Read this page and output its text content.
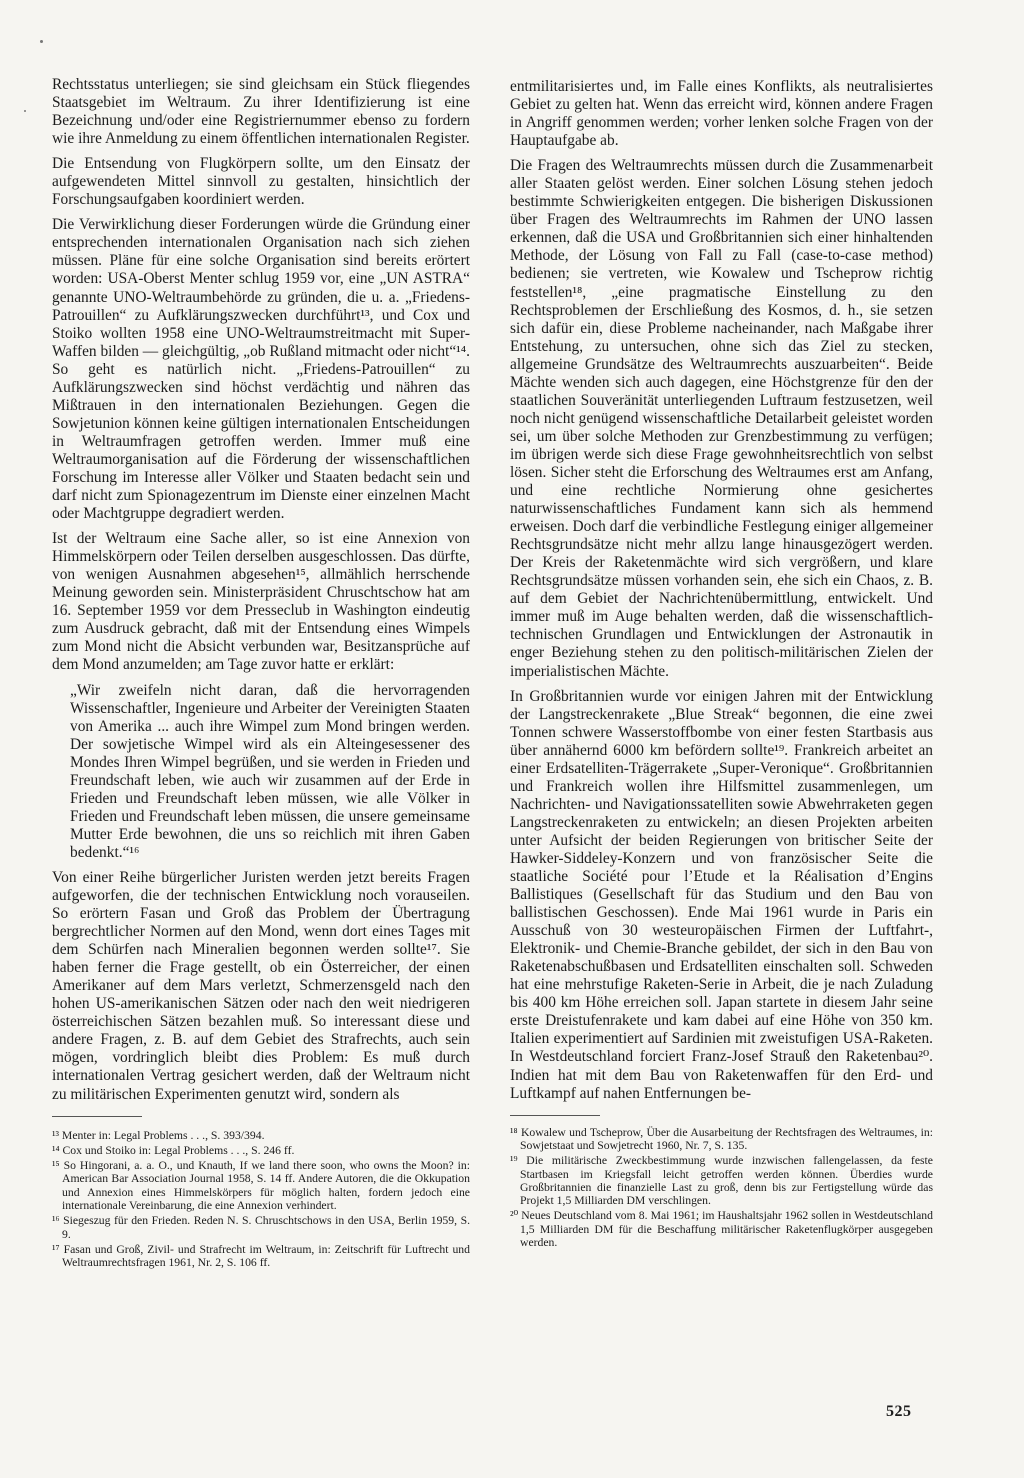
Rechtsstatus unterliegen; sie sind gleichsam ein Stück fliegendes Staatsgebiet im Weltraum. Zu ihrer Identifizierung ist eine Bezeichnung und/oder eine Registriernummer ebenso zu fordern wie ihre Anmeldung zu einem öffentlichen internationalen Register.

Die Entsendung von Flugkörpern sollte, um den Einsatz der aufgewendeten Mittel sinnvoll zu gestalten, hinsichtlich der Forschungsaufgaben koordiniert werden.

Die Verwirklichung dieser Forderungen würde die Gründung einer entsprechenden internationalen Organisation nach sich ziehen müssen. Pläne für eine solche Organisation sind bereits erörtert worden: USA-Oberst Menter schlug 1959 vor, eine „UN ASTRA“ genannte UNO-Weltraumbehörde zu gründen, die u. a. „Friedens-Patrouillen“ zu Aufklärungszwecken durchführt¹³, und Cox und Stoiko wollten 1958 eine UNO-Weltraumstreitmacht mit Super-Waffen bilden — gleichgültig, „ob Rußland mitmacht oder nicht“¹⁴. So geht es natürlich nicht. „Friedens-Patrouillen“ zu Aufklärungszwecken sind höchst verdächtig und nähren das Mißtrauen in den internationalen Beziehungen. Gegen die Sowjetunion können keine gültigen internationalen Entscheidungen in Weltraumfragen getroffen werden. Immer muß eine Weltraumorganisation auf die Förderung der wissenschaftlichen Forschung im Interesse aller Völker und Staaten bedacht sein und darf nicht zum Spionagezentrum im Dienste einer einzelnen Macht oder Machtgruppe degradiert werden.

Ist der Weltraum eine Sache aller, so ist eine Annexion von Himmelskörpern oder Teilen derselben ausgeschlossen. Das dürfte, von wenigen Ausnahmen abgesehen¹⁵, allmählich herrschende Meinung geworden sein. Ministerpräsident Chruschtschow hat am 16. September 1959 vor dem Presseclub in Washington eindeutig zum Ausdruck gebracht, daß mit der Entsendung eines Wimpels zum Mond nicht die Absicht verbunden war, Besitzansprüche auf dem Mond anzumelden; am Tage zuvor hatte er erklärt:

„Wir zweifeln nicht daran, daß die hervorragenden Wissenschaftler, Ingenieure und Arbeiter der Vereinigten Staaten von Amerika ... auch ihre Wimpel zum Mond bringen werden. Der sowjetische Wimpel wird als ein Alteingesessener des Mondes Ihren Wimpel begrüßen, und sie werden in Frieden und Freundschaft leben, wie auch wir zusammen auf der Erde in Frieden und Freundschaft leben müssen, wie alle Völker in Frieden und Freundschaft leben müssen, die unsere gemeinsame Mutter Erde bewohnen, die uns so reichlich mit ihren Gaben bedenkt.“¹⁶

Von einer Reihe bürgerlicher Juristen werden jetzt bereits Fragen aufgeworfen, die der technischen Entwicklung noch vorauseilen. So erörtern Fasan und Groß das Problem der Übertragung bergrechtlicher Normen auf den Mond, wenn dort eines Tages mit dem Schürfen nach Mineralien begonnen werden sollte¹⁷. Sie haben ferner die Frage gestellt, ob ein Österreicher, der einen Amerikaner auf dem Mars verletzt, Schmerzensgeld nach den hohen US-amerikanischen Sätzen oder nach den weit niedrigeren österreichischen Sätzen bezahlen muß. So interessant diese und andere Fragen, z. B. auf dem Gebiet des Strafrechts, auch sein mögen, vordringlich bleibt dies Problem: Es muß durch internationalen Vertrag gesichert werden, daß der Weltraum nicht zu militärischen Experimenten genutzt wird, sondern als

¹³ Menter in: Legal Problems . . ., S. 393/394.

¹⁴ Cox und Stoiko in: Legal Problems . . ., S. 246 ff.

¹⁵ So Hingorani, a. a. O., und Knauth, If we land there soon, who owns the Moon? in: American Bar Association Journal 1958, S. 14 ff. Andere Autoren, die die Okkupation und Annexion eines Himmelskörpers für möglich halten, fordern jedoch eine internationale Vereinbarung, die eine Annexion verhindert.

¹⁶ Siegeszug für den Frieden. Reden N. S. Chruschtschows in den USA, Berlin 1959, S. 9.

¹⁷ Fasan und Groß, Zivil- und Strafrecht im Weltraum, in: Zeitschrift für Luftrecht und Weltraumrechtsfragen 1961, Nr. 2, S. 106 ff.

entmilitarisiertes und, im Falle eines Konflikts, als neutralisiertes Gebiet zu gelten hat. Wenn das erreicht wird, können andere Fragen in Angriff genommen werden; vorher lenken solche Fragen von der Hauptaufgabe ab.

Die Fragen des Weltraumrechts müssen durch die Zusammenarbeit aller Staaten gelöst werden. Einer solchen Lösung stehen jedoch bestimmte Schwierigkeiten entgegen. Die bisherigen Diskussionen über Fragen des Weltraumrechts im Rahmen der UNO lassen erkennen, daß die USA und Großbritannien sich einer hinhaltenden Methode, der Lösung von Fall zu Fall (case-to-case method) bedienen; sie vertreten, wie Kowalew und Tscheprow richtig feststellen¹⁸, „eine pragmatische Einstellung zu den Rechtsproblemen der Erschließung des Kosmos, d. h., sie setzen sich dafür ein, diese Probleme nacheinander, nach Maßgabe ihrer Entstehung, zu untersuchen, ohne sich das Ziel zu stecken, allgemeine Grundsätze des Weltraumrechts auszuarbeiten“. Beide Mächte wenden sich auch dagegen, eine Höchstgrenze für den der staatlichen Souveränität unterliegenden Luftraum festzusetzen, weil noch nicht genügend wissenschaftliche Detailarbeit geleistet worden sei, um über solche Methoden zur Grenzbestimmung zu verfügen; im übrigen werde sich diese Frage gewohnheitsrechtlich von selbst lösen. Sicher steht die Erforschung des Weltraumes erst am Anfang, und eine rechtliche Normierung ohne gesichertes naturwissenschaftliches Fundament kann sich als hemmend erweisen. Doch darf die verbindliche Festlegung einiger allgemeiner Rechtsgrundsätze nicht mehr allzu lange hinausgezögert werden. Der Kreis der Raketenmächte wird sich vergrößern, und klare Rechtsgrundsätze müssen vorhanden sein, ehe sich ein Chaos, z. B. auf dem Gebiet der Nachrichtenübermittlung, entwickelt. Und immer muß im Auge behalten werden, daß die wissenschaftlich-technischen Grundlagen und Entwicklungen der Astronautik in enger Beziehung stehen zu den politisch-militärischen Zielen der imperialistischen Mächte.

In Großbritannien wurde vor einigen Jahren mit der Entwicklung der Langstreckenrakete „Blue Streak“ begonnen, die eine zwei Tonnen schwere Wasserstoffbombe von einer festen Startbasis aus über annähernd 6000 km befördern sollte¹⁹. Frankreich arbeitet an einer Erdsatelliten-Trägerrakete „Super-Veronique“. Großbritannien und Frankreich wollen ihre Hilfsmittel zusammenlegen, um Nachrichten- und Navigationssatelliten sowie Abwehrraketen gegen Langstreckenraketen zu entwickeln; an diesen Projekten arbeiten unter Aufsicht der beiden Regierungen von britischer Seite der Hawker-Siddeley-Konzern und von französischer Seite die staatliche Société pour l’Etude et la Réalisation d’Engins Ballistiques (Gesellschaft für das Studium und den Bau von ballistischen Geschossen). Ende Mai 1961 wurde in Paris ein Ausschuß von 30 westeuropäischen Firmen der Luftfahrt-, Elektronik- und Chemie-Branche gebildet, der sich in den Bau von Raketenabschußbasen und Erdsatelliten einschalten soll. Schweden hat eine mehrstufige Raketen-Serie in Arbeit, die je nach Zuladung bis 400 km Höhe erreichen soll. Japan startete in diesem Jahr seine erste Dreistufenrakete und kam dabei auf eine Höhe von 350 km. Italien experimentiert auf Sardinien mit zweistufigen USA-Raketen. In Westdeutschland forciert Franz-Josef Strauß den Raketenbau²⁰. Indien hat mit dem Bau von Raketenwaffen für den Erd- und Luftkampf auf nahen Entfernungen be-

¹⁸ Kowalew und Tscheprow, Über die Ausarbeitung der Rechtsfragen des Weltraumes, in: Sowjetstaat und Sowjetrecht 1960, Nr. 7, S. 135.

¹⁹ Die militärische Zweckbestimmung wurde inzwischen fallengelassen, da feste Startbasen im Kriegsfall leicht getroffen werden können. Überdies wurde Großbritannien die finanzielle Last zu groß, denn bis zur Fertigstellung würde das Projekt 1,5 Milliarden DM verschlingen.

²⁰ Neues Deutschland vom 8. Mai 1961; im Haushaltsjahr 1962 sollen in Westdeutschland 1,5 Milliarden DM für die Beschaffung militärischer Raketenflugkörper ausgegeben werden.

525
